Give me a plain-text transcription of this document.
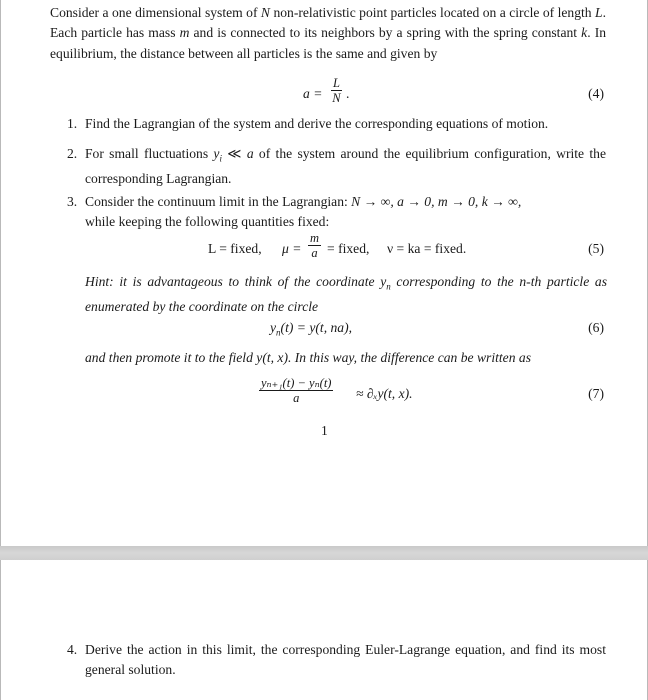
Consider a one dimensional system of N non-relativistic point particles located on a circle of length L. Each particle has mass m and is connected to its neighbors by a spring with the spring constant k. In equilibrium, the distance between all particles is the same and given by
$a = \frac{L}{N}$ .	(4)
1. Find the Lagrangian of the system and derive the corresponding equations of motion.
2. For small fluctuations $y_i$ ≪ a of the system around the equilibrium configuration, write the corresponding Lagrangian.
3. Consider the continuum limit in the Lagrangian: N → ∞, a → 0, m → 0, k → ∞,
while keeping the following quantities fixed:
L = fixed, $\mu = \frac{m}{a}$ = fixed, ν = ka = fixed.	(5)
Hint: it is advantageous to think of the coordinate $y_n$ corresponding to the n-th particle as enumerated by the coordinate on the circle
$y_n(t) = y(t$, na),	(6)
and then promote it to the field y(t, x). In this way, the difference can be written as
$\frac{\text{yₙ₊₁(t) − yₙ(t)}}{a} \approx \partial_xy(t$, x).	(7)
1
4. Derive the action in this limit, the corresponding Euler-Lagrange equation, and find its most general solution.
